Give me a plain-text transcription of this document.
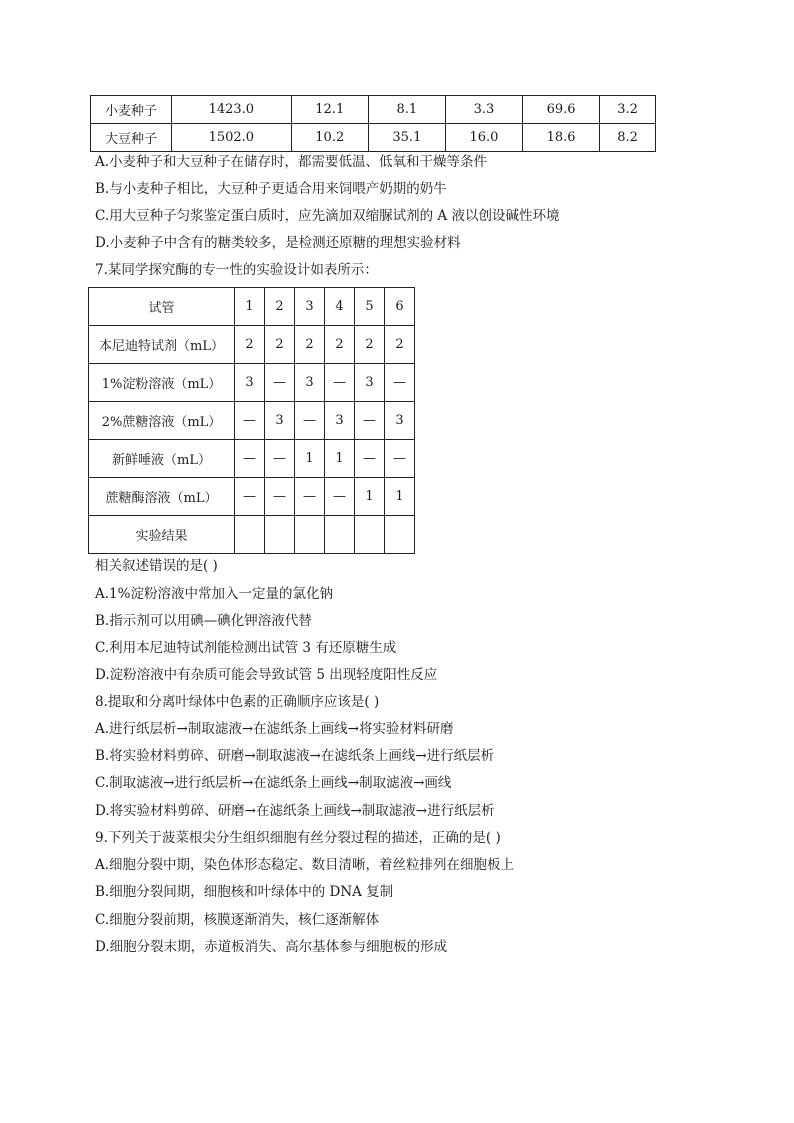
小麦种子	1423.0	12.1	8.1	3.3	69.6	3.2
大豆种子	1502.0	10.2	35.1	16.0	18.6	8.2
A.小麦种子和大豆种子在储存时，都需要低温、低氧和干燥等条件
B.与小麦种子相比，大豆种子更适合用来饲喂产奶期的奶牛
C.用大豆种子匀浆鉴定蛋白质时，应先滴加双缩脲试剂的 A 液以创设碱性环境
D.小麦种子中含有的糖类较多，是检测还原糖的理想实验材料
7.某同学探究酶的专一性的实验设计如表所示：
试管	1	2	3	4	5	6
本尼迪特试剂（mL）	2	2	2	2	2	2
1%淀粉溶液（mL）	3	—	3	—	3	—
2%蔗糖溶液（mL）	—	3	—	3	—	3
新鲜唾液（mL）	—	—	1	1	—	—
蔗糖酶溶液（mL）	—	—	—	—	1	1
实验结果						
相关叙述错误的是( )
A.1%淀粉溶液中常加入一定量的氯化钠
B.指示剂可以用碘—碘化钾溶液代替
C.利用本尼迪特试剂能检测出试管 3 有还原糖生成
D.淀粉溶液中有杂质可能会导致试管 5 出现轻度阳性反应
8.提取和分离叶绿体中色素的正确顺序应该是( )
A.进行纸层析→制取滤液→在滤纸条上画线→将实验材料研磨
B.将实验材料剪碎、研磨→制取滤液→在滤纸条上画线→进行纸层析
C.制取滤液→进行纸层析→在滤纸条上画线→制取滤液→画线
D.将实验材料剪碎、研磨→在滤纸条上画线→制取滤液→进行纸层析
9.下列关于菠菜根尖分生组织细胞有丝分裂过程的描述，正确的是( )
A.细胞分裂中期，染色体形态稳定、数目清晰，着丝粒排列在细胞板上
B.细胞分裂间期，细胞核和叶绿体中的 DNA 复制
C.细胞分裂前期，核膜逐渐消失，核仁逐渐解体
D.细胞分裂末期，赤道板消失、高尔基体参与细胞板的形成
